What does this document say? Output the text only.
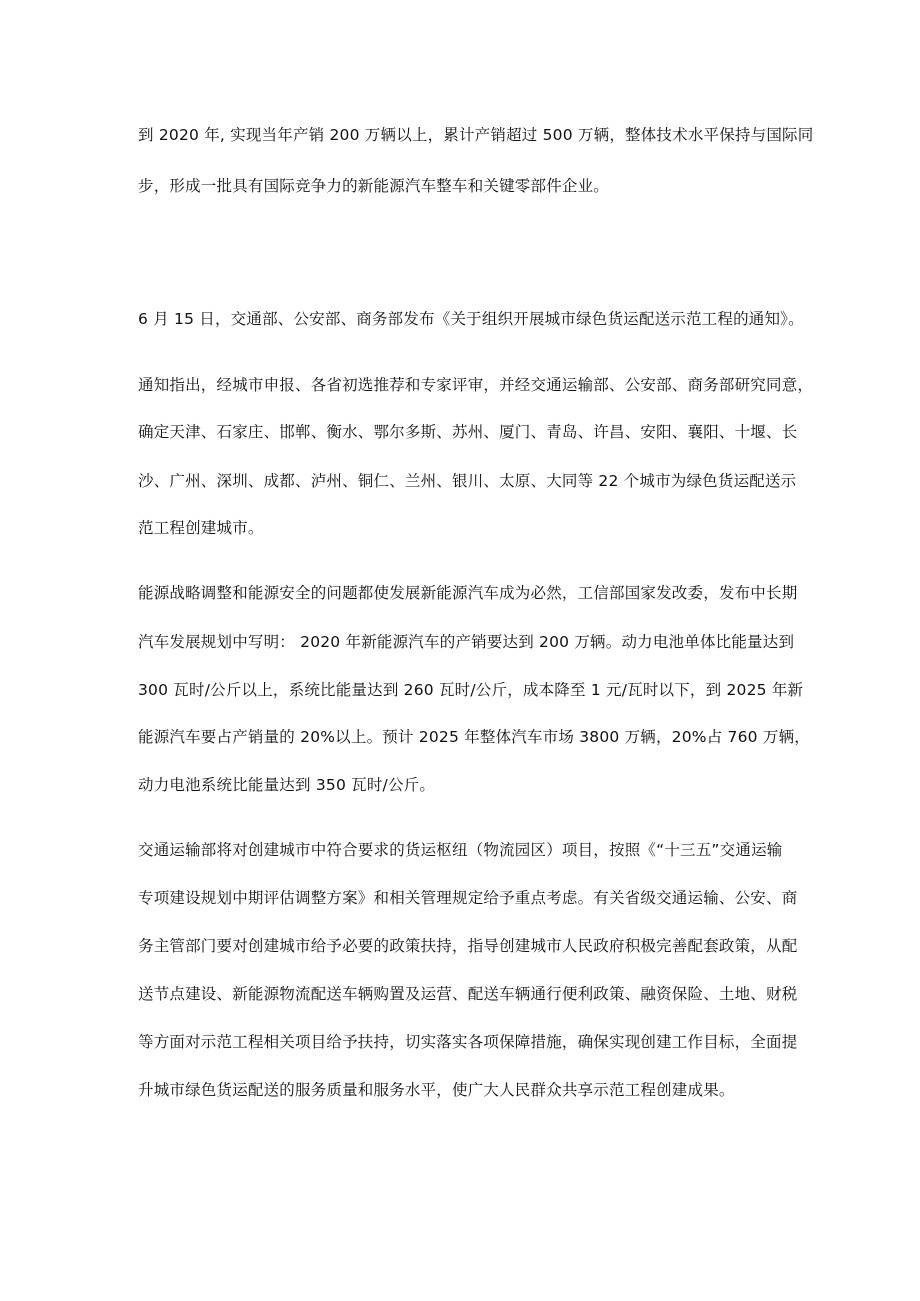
到 2020 年, 实现当年产销 200 万辆以上，累计产销超过 500 万辆，整体技术水平保持与国际同

步，形成一批具有国际竞争力的新能源汽车整车和关键零部件企业。

6 月 15 日，交通部、公安部、商务部发布《关于组织开展城市绿色货运配送示范工程的通知》。

通知指出，经城市申报、各省初选推荐和专家评审，并经交通运输部、公安部、商务部研究同意，

确定天津、石家庄、邯郸、衡水、鄂尔多斯、苏州、厦门、青岛、许昌、安阳、襄阳、十堰、长

沙、广州、深圳、成都、泸州、铜仁、兰州、银川、太原、大同等 22 个城市为绿色货运配送示

范工程创建城市。

能源战略调整和能源安全的问题都使发展新能源汽车成为必然，工信部国家发改委，发布中长期

汽车发展规划中写明： 2020 年新能源汽车的产销要达到 200 万辆。动力电池单体比能量达到

300 瓦时/公斤以上，系统比能量达到 260 瓦时/公斤，成本降至 1 元/瓦时以下，到 2025 年新

能源汽车要占产销量的 20%以上。预计 2025 年整体汽车市场 3800 万辆，20%占 760 万辆，

动力电池系统比能量达到 350 瓦时/公斤。

交通运输部将对创建城市中符合要求的货运枢纽（物流园区）项目，按照《“十三五”交通运输

专项建设规划中期评估调整方案》和相关管理规定给予重点考虑。有关省级交通运输、公安、商

务主管部门要对创建城市给予必要的政策扶持，指导创建城市人民政府积极完善配套政策，从配

送节点建设、新能源物流配送车辆购置及运营、配送车辆通行便利政策、融资保险、土地、财税

等方面对示范工程相关项目给予扶持，切实落实各项保障措施，确保实现创建工作目标，全面提

升城市绿色货运配送的服务质量和服务水平，使广大人民群众共享示范工程创建成果。
